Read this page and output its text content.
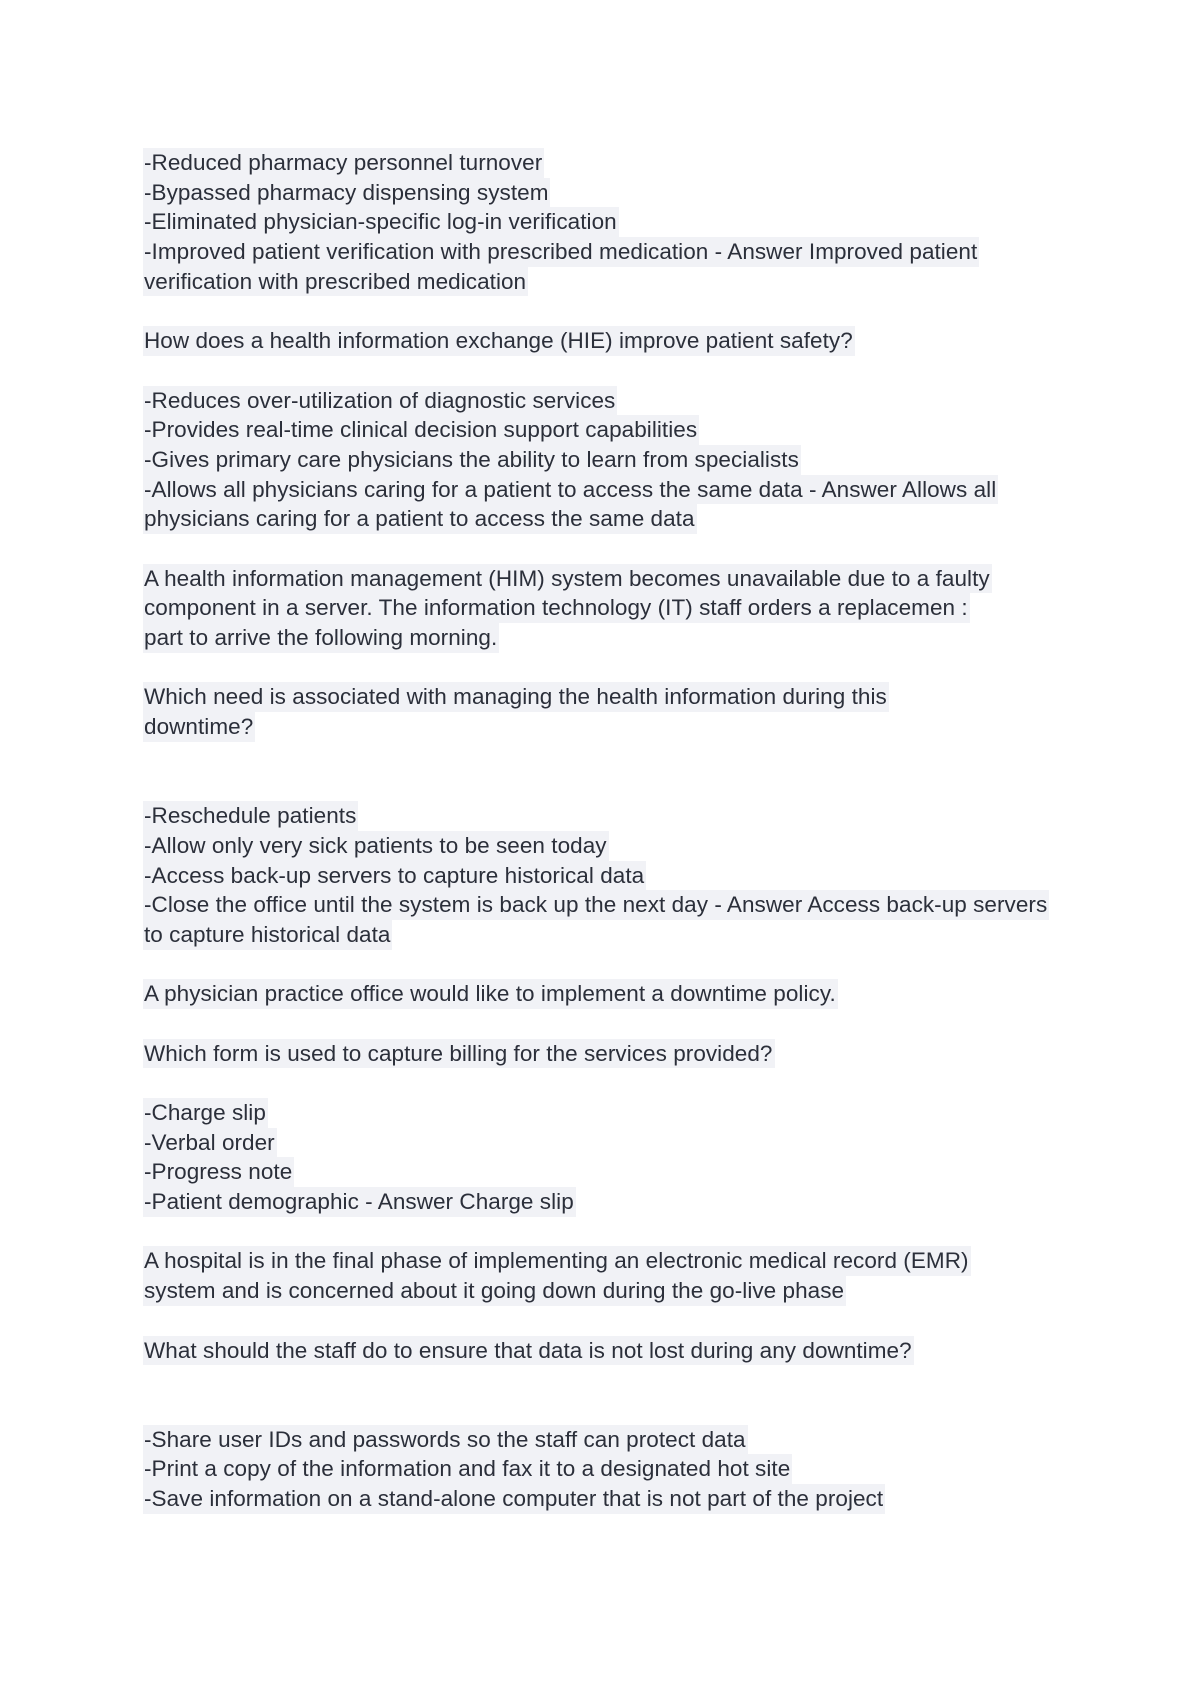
-Reduced pharmacy personnel turnover
-Bypassed pharmacy dispensing system
-Eliminated physician-specific log-in verification
-Improved patient verification with prescribed medication - Answer Improved patient
verification with prescribed medication
How does a health information exchange (HIE) improve patient safety?
-Reduces over-utilization of diagnostic services
-Provides real-time clinical decision support capabilities
-Gives primary care physicians the ability to learn from specialists
-Allows all physicians caring for a patient to access the same data - Answer Allows all
physicians caring for a patient to access the same data
A health information management (HIM) system becomes unavailable due to a faulty
component in a server. The information technology (IT) staff orders a replacemen :
part to arrive the following morning.
Which need is associated with managing the health information during this
downtime?
-Reschedule patients
-Allow only very sick patients to be seen today
-Access back-up servers to capture historical data
-Close the office until the system is back up the next day - Answer Access back-up servers
to capture historical data
A physician practice office would like to implement a downtime policy.
Which form is used to capture billing for the services provided?
-Charge slip
-Verbal order
-Progress note
-Patient demographic - Answer Charge slip
A hospital is in the final phase of implementing an electronic medical record (EMR)
system and is concerned about it going down during the go-live phase
What should the staff do to ensure that data is not lost during any downtime?
-Share user IDs and passwords so the staff can protect data
-Print a copy of the information and fax it to a designated hot site
-Save information on a stand-alone computer that is not part of the project
